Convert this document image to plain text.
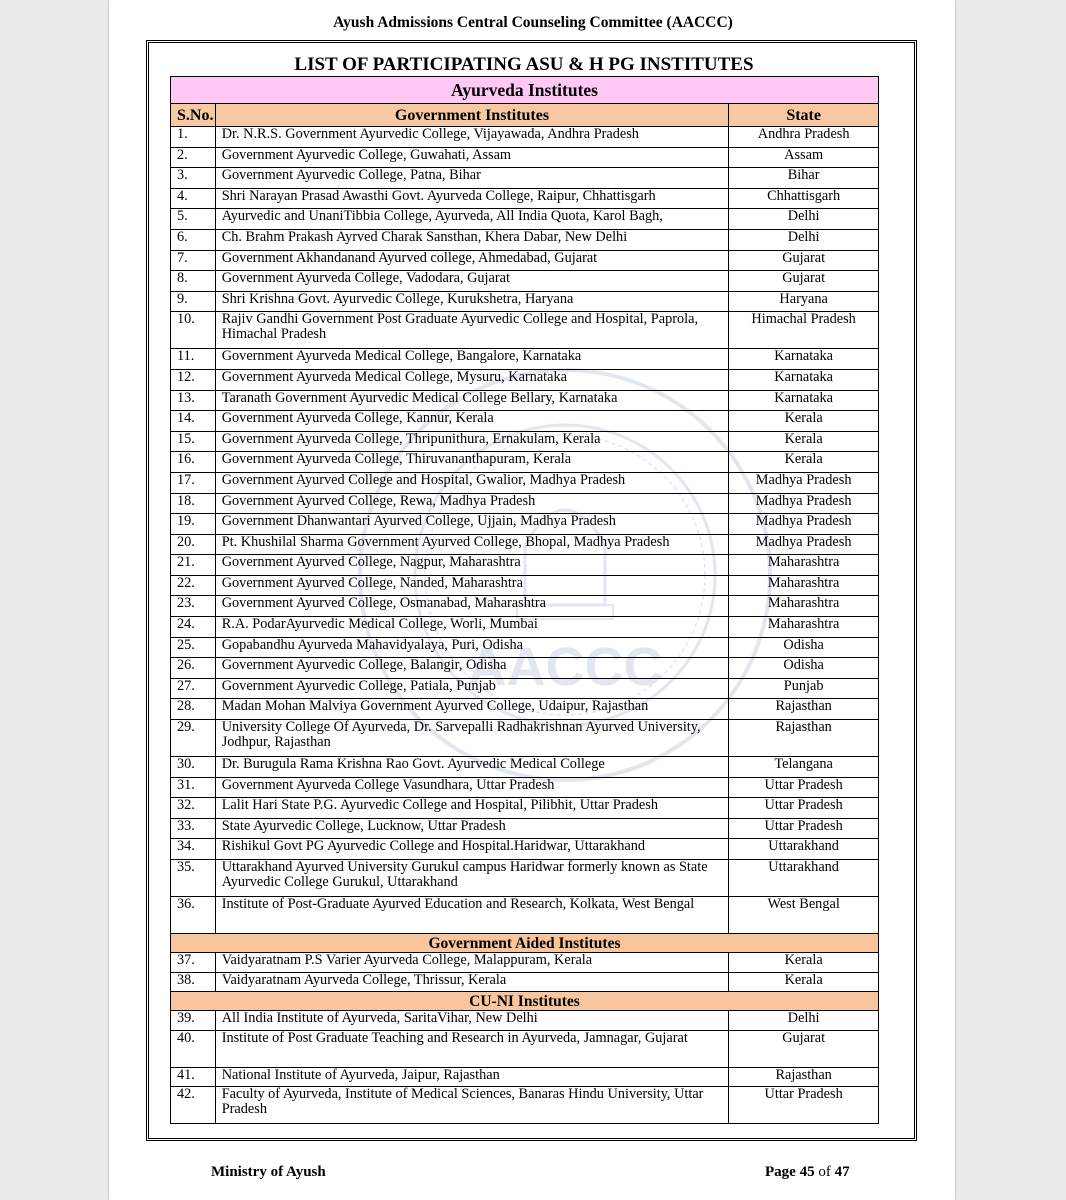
Ayush Admissions Central Counseling Committee (AACCC)
LIST OF PARTICIPATING ASU & H PG INSTITUTES
AACCC
Ayurveda Institutes		
S.No.	Government Institutes	State
1.	Dr. N.R.S. Government Ayurvedic College, Vijayawada, Andhra Pradesh	Andhra Pradesh
2.	Government Ayurvedic College, Guwahati, Assam	Assam
3.	Government Ayurvedic College, Patna, Bihar	Bihar
4.	Shri Narayan Prasad Awasthi Govt. Ayurveda College, Raipur, Chhattisgarh	Chhattisgarh
5.	Ayurvedic and UnaniTibbia College, Ayurveda, All India Quota, Karol Bagh,	Delhi
6.	Ch. Brahm Prakash Ayrved Charak Sansthan, Khera Dabar, New Delhi	Delhi
7.	Government Akhandanand Ayurved college, Ahmedabad, Gujarat	Gujarat
8.	Government Ayurveda College, Vadodara, Gujarat	Gujarat
9.	Shri Krishna Govt. Ayurvedic College, Kurukshetra, Haryana	Haryana
10.	Rajiv Gandhi Government Post Graduate Ayurvedic College and Hospital, Paprola, Himachal Pradesh	Himachal Pradesh
11.	Government Ayurveda Medical College, Bangalore, Karnataka	Karnataka
12.	Government Ayurveda Medical College, Mysuru, Karnataka	Karnataka
13.	Taranath Government Ayurvedic Medical College Bellary, Karnataka	Karnataka
14.	Government Ayurveda College, Kannur, Kerala	Kerala
15.	Government Ayurveda College, Thripunithura, Ernakulam, Kerala	Kerala
16.	Government Ayurveda College, Thiruvananthapuram, Kerala	Kerala
17.	Government Ayurved College and Hospital, Gwalior, Madhya Pradesh	Madhya Pradesh
18.	Government Ayurved College, Rewa, Madhya Pradesh	Madhya Pradesh
19.	Government Dhanwantari Ayurved College, Ujjain, Madhya Pradesh	Madhya Pradesh
20.	Pt. Khushilal Sharma Government Ayurved College, Bhopal, Madhya Pradesh	Madhya Pradesh
21.	Government Ayurved College, Nagpur, Maharashtra	Maharashtra
22.	Government Ayurved College, Nanded, Maharashtra	Maharashtra
23.	Government Ayurved College, Osmanabad, Maharashtra	Maharashtra
24.	R.A. PodarAyurvedic Medical College, Worli, Mumbai	Maharashtra
25.	Gopabandhu Ayurveda Mahavidyalaya, Puri, Odisha	Odisha
26.	Government Ayurvedic College, Balangir, Odisha	Odisha
27.	Government Ayurvedic College, Patiala, Punjab	Punjab
28.	Madan Mohan Malviya Government Ayurved College, Udaipur, Rajasthan	Rajasthan
29.	University College Of Ayurveda, Dr. Sarvepalli Radhakrishnan Ayurved University, Jodhpur, Rajasthan	Rajasthan
30.	Dr. Burugula Rama Krishna Rao Govt. Ayurvedic Medical College	Telangana
31.	Government Ayurveda College Vasundhara, Uttar Pradesh	Uttar Pradesh
32.	Lalit Hari State P.G. Ayurvedic College and Hospital, Pilibhit, Uttar Pradesh	Uttar Pradesh
33.	State Ayurvedic College, Lucknow, Uttar Pradesh	Uttar Pradesh
34.	Rishikul Govt PG Ayurvedic College and Hospital.Haridwar, Uttarakhand	Uttarakhand
35.	Uttarakhand Ayurved University Gurukul campus Haridwar formerly known as State Ayurvedic College Gurukul, Uttarakhand	Uttarakhand
36.	Institute of Post-Graduate Ayurved Education and Research, Kolkata, West Bengal	West Bengal
Government Aided Institutes		
37.	Vaidyaratnam P.S Varier Ayurveda College, Malappuram, Kerala	Kerala
38.	Vaidyaratnam Ayurveda College, Thrissur, Kerala	Kerala
CU-NI Institutes		
39.	All India Institute of Ayurveda, SaritaVihar, New Delhi	Delhi
40.	Institute of Post Graduate Teaching and Research in Ayurveda, Jamnagar, Gujarat	Gujarat
41.	National Institute of Ayurveda, Jaipur, Rajasthan	Rajasthan
42.	Faculty of Ayurveda, Institute of Medical Sciences, Banaras Hindu University, Uttar Pradesh	Uttar Pradesh
Ministry of Ayush	Page 45 of 47
